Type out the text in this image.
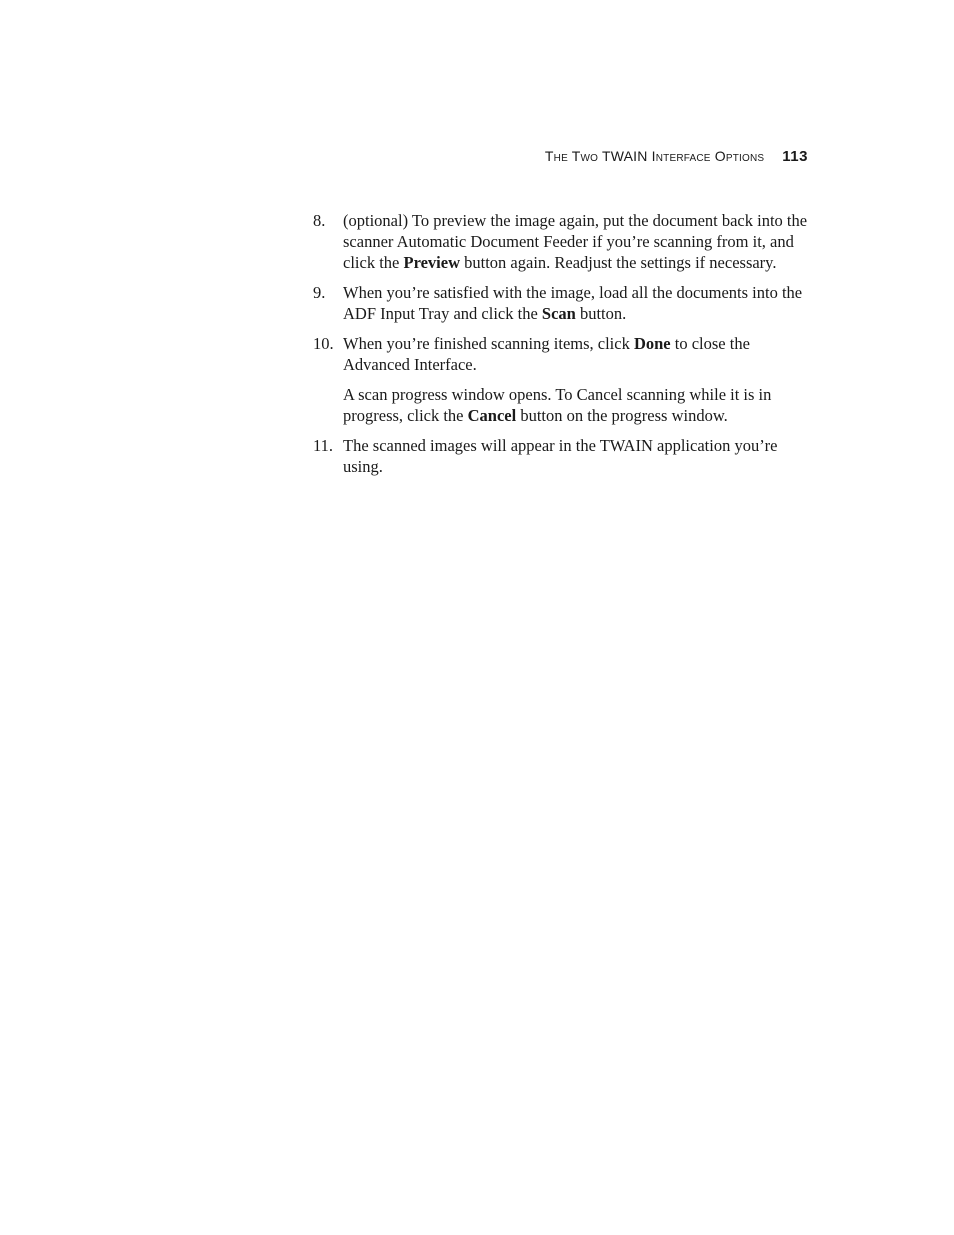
The Two TWAIN Interface Options 113
8. (optional) To preview the image again, put the document back into the scanner Automatic Document Feeder if you’re scanning from it, and click the Preview button again. Readjust the settings if necessary.
9. When you’re satisfied with the image, load all the documents into the ADF Input Tray and click the Scan button.
10. When you’re finished scanning items, click Done to close the Advanced Interface.
A scan progress window opens. To Cancel scanning while it is in progress, click the Cancel button on the progress window.
11. The scanned images will appear in the TWAIN application you’re using.
